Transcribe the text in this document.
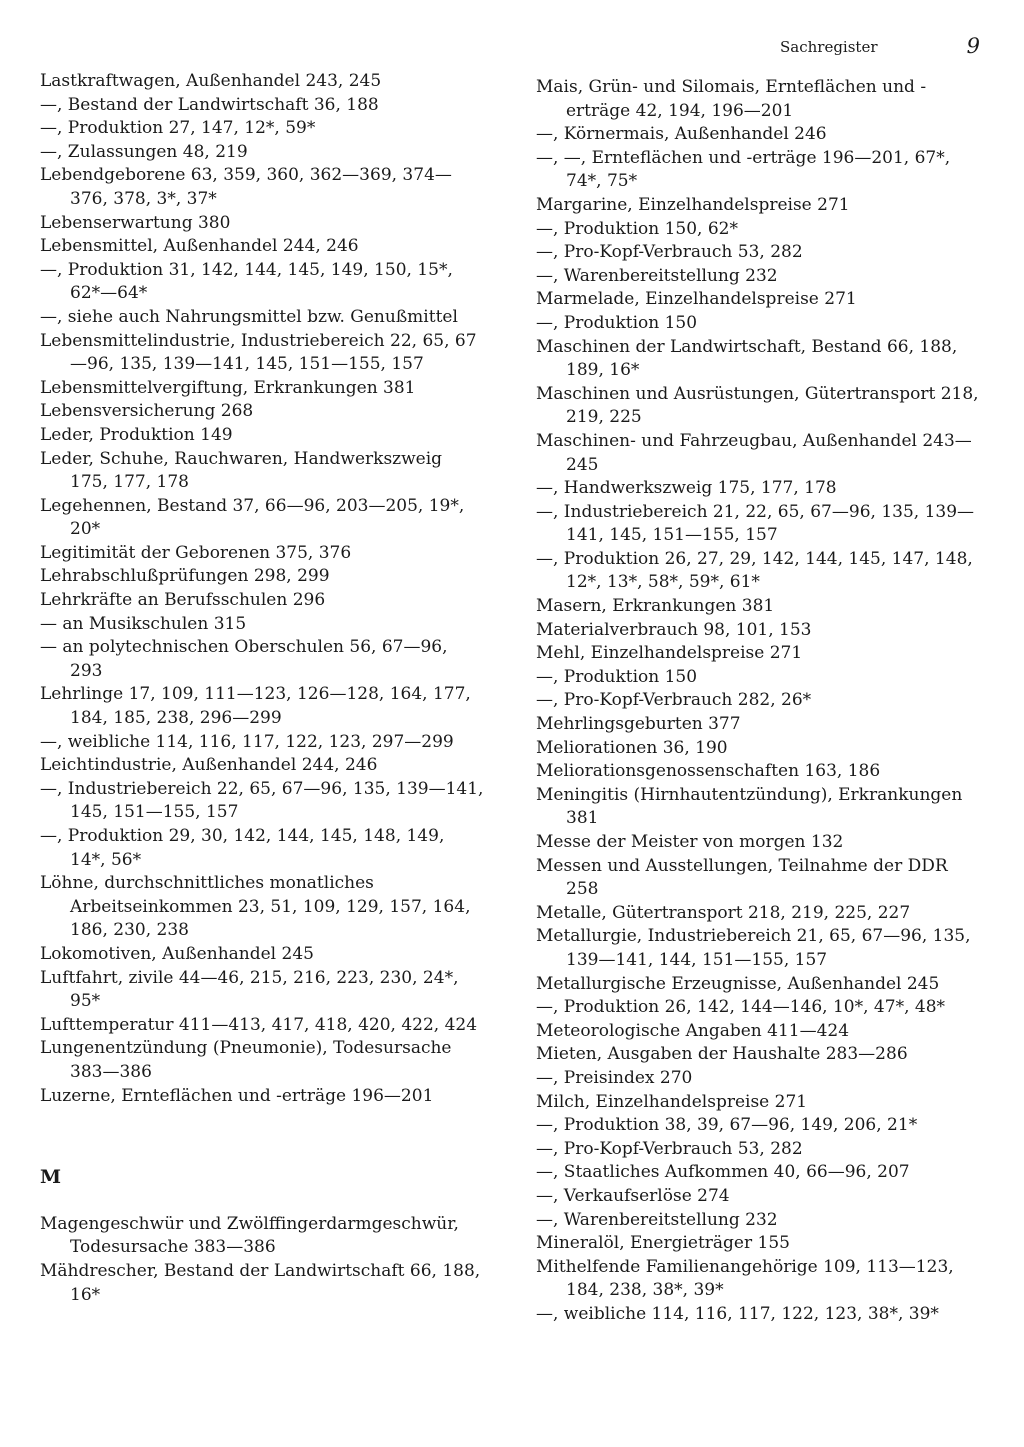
Sachregister	9

Lastkraftwagen, Außenhandel 243, 245

—, Bestand der Landwirtschaft 36, 188

—, Produktion 27, 147, 12*, 59*

—, Zulassungen 48, 219

Lebendgeborene 63, 359, 360, 362—369, 374—376, 378, 3*, 37*

Lebenserwartung 380

Lebensmittel, Außenhandel 244, 246

—, Produktion 31, 142, 144, 145, 149, 150, 15*, 62*—64*

—, siehe auch Nahrungsmittel bzw. Genußmittel

Lebensmittelindustrie, Industriebereich 22, 65, 67—96, 135, 139—141, 145, 151—155, 157

Lebensmittelvergiftung, Erkrankungen 381

Lebensversicherung 268

Leder, Produktion 149

Leder, Schuhe, Rauchwaren, Handwerkszweig 175, 177, 178

Legehennen, Bestand 37, 66—96, 203—205, 19*, 20*

Legitimität der Geborenen 375, 376

Lehrabschlußprüfungen 298, 299

Lehrkräfte an Berufsschulen 296

— an Musikschulen 315

— an polytechnischen Oberschulen 56, 67—96, 293

Lehrlinge 17, 109, 111—123, 126—128, 164, 177, 184, 185, 238, 296—299

—, weibliche 114, 116, 117, 122, 123, 297—299

Leichtindustrie, Außenhandel 244, 246

—, Industriebereich 22, 65, 67—96, 135, 139—141, 145, 151—155, 157

—, Produktion 29, 30, 142, 144, 145, 148, 149, 14*, 56*

Löhne, durchschnittliches monatliches Arbeitseinkommen 23, 51, 109, 129, 157, 164, 186, 230, 238

Lokomotiven, Außenhandel 245

Luftfahrt, zivile 44—46, 215, 216, 223, 230, 24*, 95*

Lufttemperatur 411—413, 417, 418, 420, 422, 424

Lungenentzündung (Pneumonie), Todesursache 383—386

Luzerne, Ernteflächen und -erträge 196—201

M

Magengeschwür und Zwölffingerdarmgeschwür, Todesursache 383—386

Mähdrescher, Bestand der Landwirtschaft 66, 188, 16*

Mais, Grün- und Silomais, Ernteflächen und -erträge 42, 194, 196—201

—, Körnermais, Außenhandel 246

—, —, Ernteflächen und -erträge 196—201, 67*, 74*, 75*

Margarine, Einzelhandelspreise 271

—, Produktion 150, 62*

—, Pro-Kopf-Verbrauch 53, 282

—, Warenbereitstellung 232

Marmelade, Einzelhandelspreise 271

—, Produktion 150

Maschinen der Landwirtschaft, Bestand 66, 188, 189, 16*

Maschinen und Ausrüstungen, Gütertransport 218, 219, 225

Maschinen- und Fahrzeugbau, Außenhandel 243—245

—, Handwerkszweig 175, 177, 178

—, Industriebereich 21, 22, 65, 67—96, 135, 139—141, 145, 151—155, 157

—, Produktion 26, 27, 29, 142, 144, 145, 147, 148, 12*, 13*, 58*, 59*, 61*

Masern, Erkrankungen 381

Materialverbrauch 98, 101, 153

Mehl, Einzelhandelspreise 271

—, Produktion 150

—, Pro-Kopf-Verbrauch 282, 26*

Mehrlingsgeburten 377

Meliorationen 36, 190

Meliorationsgenossenschaften 163, 186

Meningitis (Hirnhautentzündung), Erkrankungen 381

Messe der Meister von morgen 132

Messen und Ausstellungen, Teilnahme der DDR 258

Metalle, Gütertransport 218, 219, 225, 227

Metallurgie, Industriebereich 21, 65, 67—96, 135, 139—141, 144, 151—155, 157

Metallurgische Erzeugnisse, Außenhandel 245

—, Produktion 26, 142, 144—146, 10*, 47*, 48*

Meteorologische Angaben 411—424

Mieten, Ausgaben der Haushalte 283—286

—, Preisindex 270

Milch, Einzelhandelspreise 271

—, Produktion 38, 39, 67—96, 149, 206, 21*

—, Pro-Kopf-Verbrauch 53, 282

—, Staatliches Aufkommen 40, 66—96, 207

—, Verkaufserlöse 274

—, Warenbereitstellung 232

Mineralöl, Energieträger 155

Mithelfende Familienangehörige 109, 113—123, 184, 238, 38*, 39*

—, weibliche 114, 116, 117, 122, 123, 38*, 39*
